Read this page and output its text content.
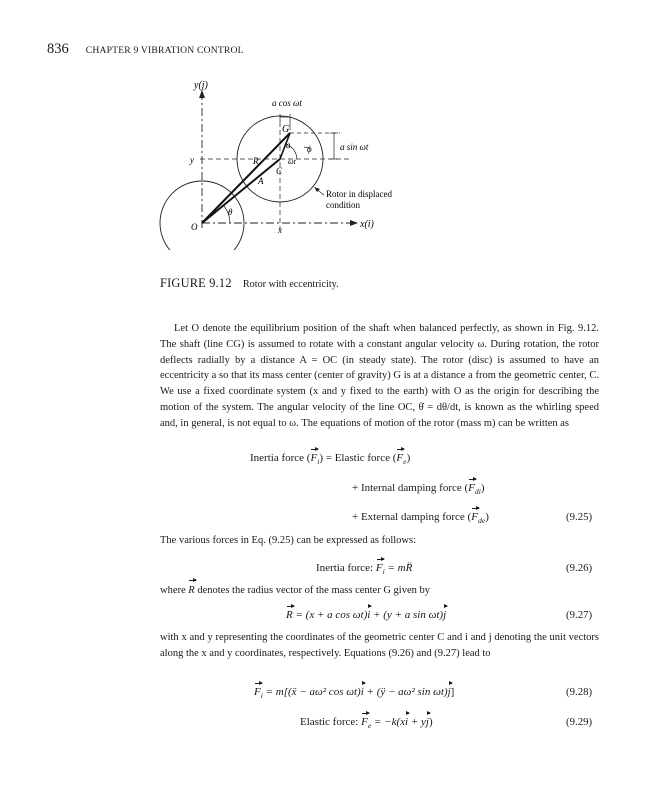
836 CHAPTER 9 VIBRATION CONTROL
y(j)
x(i)
a cos ωt
a sin ωt
G
a ϕ
ωt
y	R
C
A
θ
O	x
Rotor in displaced
condition
FIGURE 9.12 Rotor with eccentricity.

Let O denote the equilibrium position of the shaft when balanced perfectly, as shown in Fig. 9.12. The shaft (line CG) is assumed to rotate with a constant angular velocity ω. During rotation, the rotor deflects radially by a distance A = OC (in steady state). The rotor (disc) is assumed to have an eccentricity a so that its mass center (center of gravity) G is at a distance a from the geometric center, C. We use a fixed coordinate system (x and y fixed to the earth) with O as the origin for describing the motion of the system. The angular velocity of the line OC, θ̇ = dθ/dt, is known as the whirling speed and, in general, is not equal to ω. The equations of motion of the rotor (mass m) can be written as

Inertia force $(F_i)$ = Elastic force $(F_e)$
+ Internal damping force $(F_{di})$
+ External damping force $(F_{de})$	(9.25)

The various forces in Eq. (9.25) can be expressed as follows:

Inertia force: $F_i$ = mR̈	(9.26)

where R denotes the radius vector of the mass center G given by

R = (x + a cos ωt)i + (y + a sin ωt)j	(9.27)

with x and y representing the coordinates of the geometric center C and i and j denoting the unit vectors along the x and y coordinates, respectively. Equations (9.26) and (9.27) lead to

$F_i$ = m[(ẍ − aω² cos ωt)i + (ÿ − aω² sin ωt)j]	(9.28)
Elastic force: $F_e = -k(xi + yj)$	(9.29)
